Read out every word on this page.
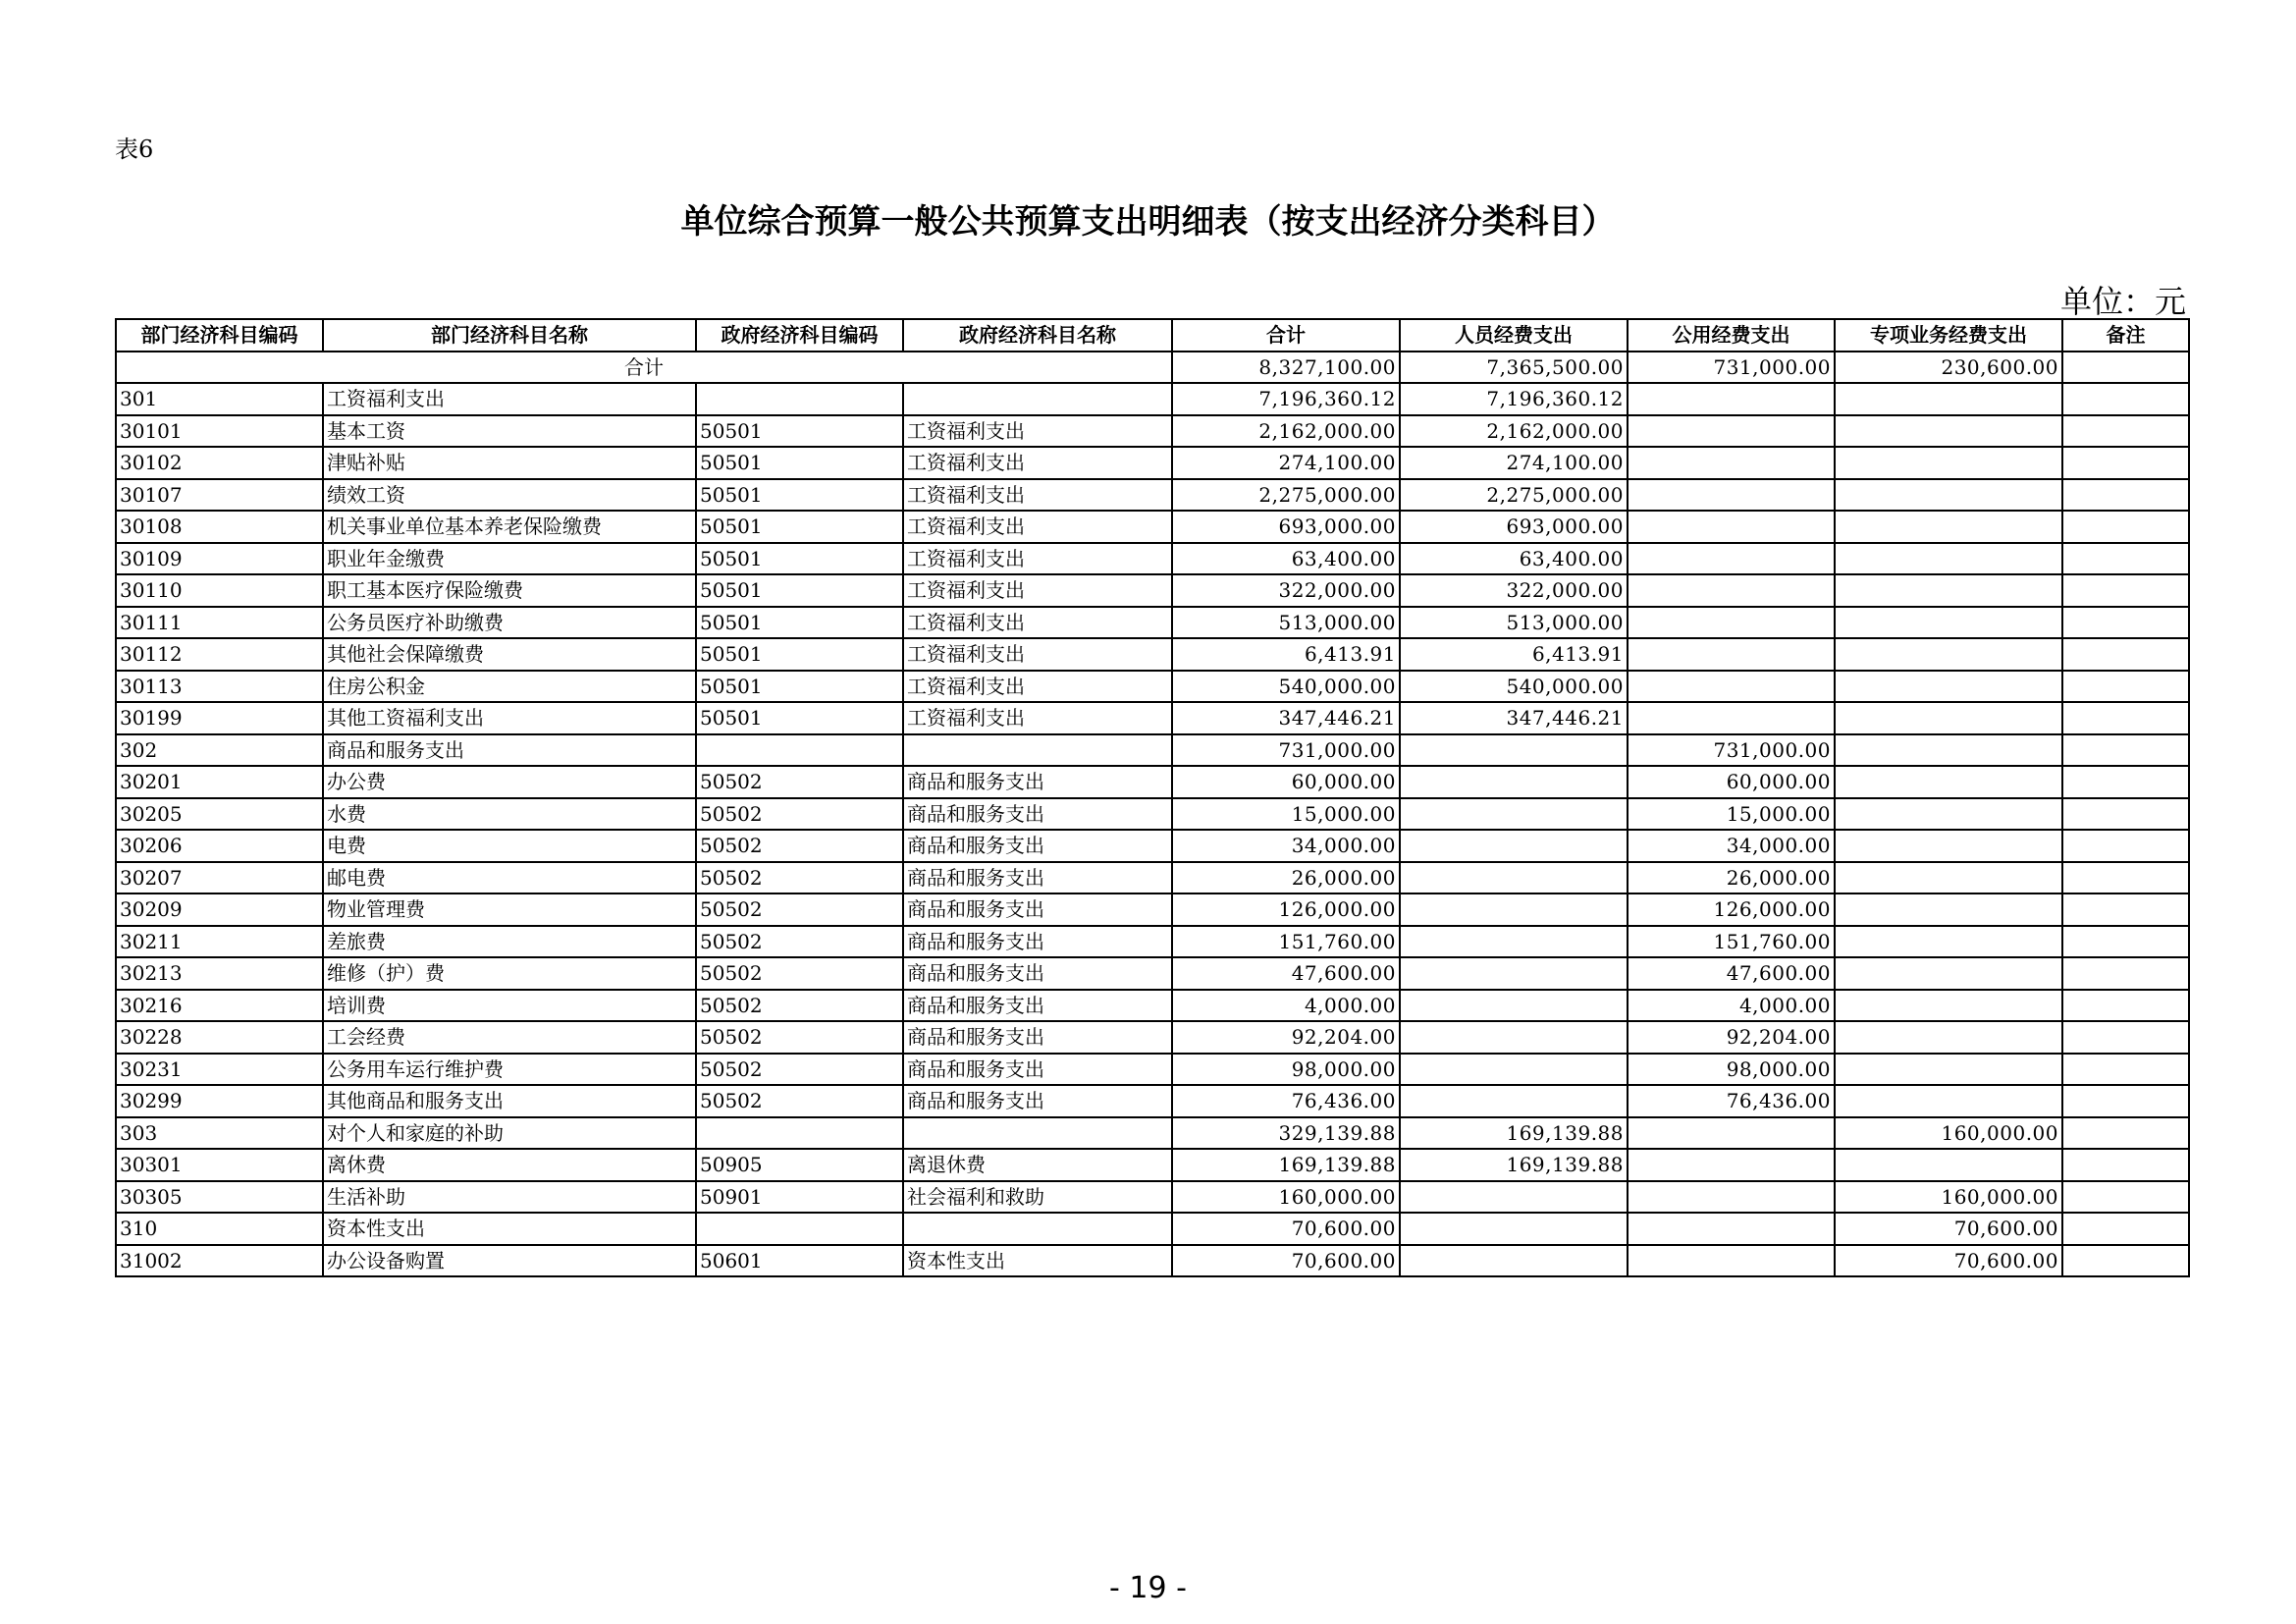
表6
单位综合预算一般公共预算支出明细表（按支出经济分类科目）
单位：元
部门经济科目编码	部门经济科目名称	政府经济科目编码	政府经济科目名称	合计	人员经费支出	公用经费支出	专项业务经费支出	备注
合计				8,327,100.00	7,365,500.00	731,000.00	230,600.00	
301	工资福利支出			7,196,360.12	7,196,360.12			
30101	基本工资	50501	工资福利支出	2,162,000.00	2,162,000.00			
30102	津贴补贴	50501	工资福利支出	274,100.00	274,100.00			
30107	绩效工资	50501	工资福利支出	2,275,000.00	2,275,000.00			
30108	机关事业单位基本养老保险缴费	50501	工资福利支出	693,000.00	693,000.00			
30109	职业年金缴费	50501	工资福利支出	63,400.00	63,400.00			
30110	职工基本医疗保险缴费	50501	工资福利支出	322,000.00	322,000.00			
30111	公务员医疗补助缴费	50501	工资福利支出	513,000.00	513,000.00			
30112	其他社会保障缴费	50501	工资福利支出	6,413.91	6,413.91			
30113	住房公积金	50501	工资福利支出	540,000.00	540,000.00			
30199	其他工资福利支出	50501	工资福利支出	347,446.21	347,446.21			
302	商品和服务支出			731,000.00		731,000.00		
30201	办公费	50502	商品和服务支出	60,000.00		60,000.00		
30205	水费	50502	商品和服务支出	15,000.00		15,000.00		
30206	电费	50502	商品和服务支出	34,000.00		34,000.00		
30207	邮电费	50502	商品和服务支出	26,000.00		26,000.00		
30209	物业管理费	50502	商品和服务支出	126,000.00		126,000.00		
30211	差旅费	50502	商品和服务支出	151,760.00		151,760.00		
30213	维修（护）费	50502	商品和服务支出	47,600.00		47,600.00		
30216	培训费	50502	商品和服务支出	4,000.00		4,000.00		
30228	工会经费	50502	商品和服务支出	92,204.00		92,204.00		
30231	公务用车运行维护费	50502	商品和服务支出	98,000.00		98,000.00		
30299	其他商品和服务支出	50502	商品和服务支出	76,436.00		76,436.00		
303	对个人和家庭的补助			329,139.88	169,139.88		160,000.00	
30301	离休费	50905	离退休费	169,139.88	169,139.88			
30305	生活补助	50901	社会福利和救助	160,000.00			160,000.00	
310	资本性支出			70,600.00			70,600.00	
31002	办公设备购置	50601	资本性支出	70,600.00			70,600.00	
- 19 -
